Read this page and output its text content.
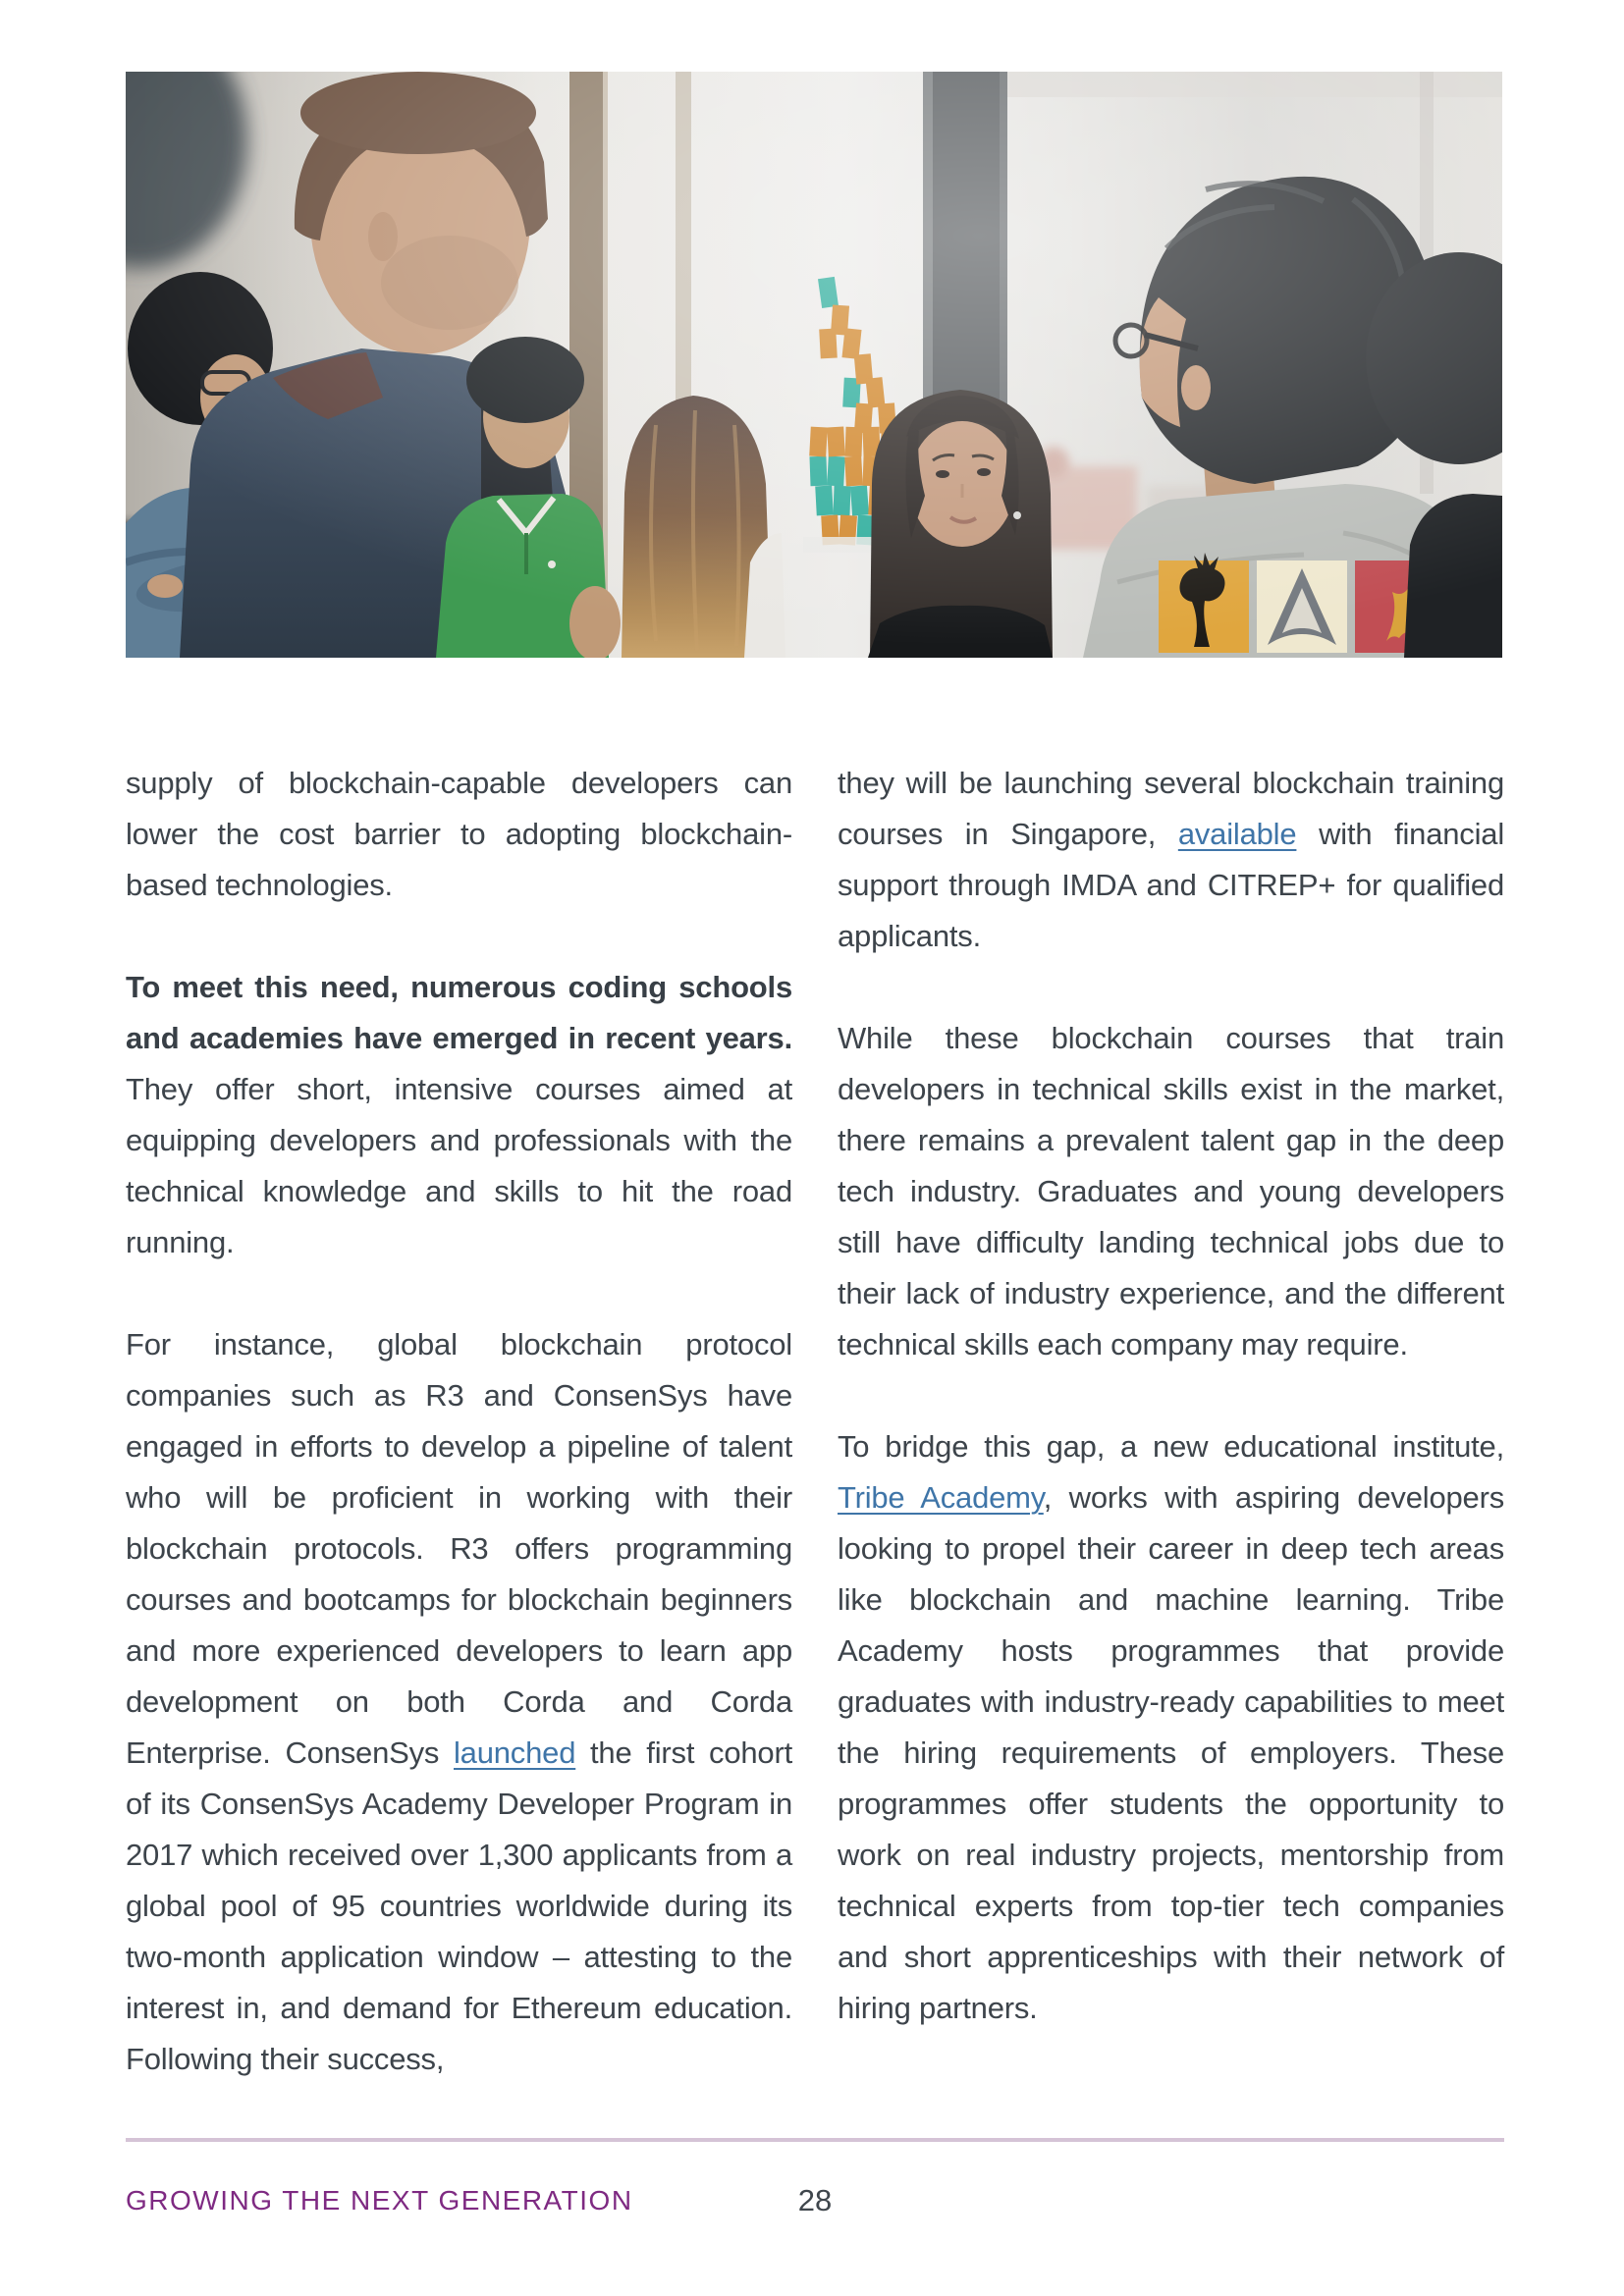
supply of blockchain-capable developers can lower the cost barrier to adopting blockchain-based technologies.

To meet this need, numerous coding schools and academies have emerged in recent years. They offer short, intensive courses aimed at equipping developers and professionals with the technical knowledge and skills to hit the road running.

For instance, global blockchain protocol companies such as R3 and ConsenSys have engaged in efforts to develop a pipeline of talent who will be proficient in working with their blockchain protocols. R3 offers programming courses and bootcamps for blockchain beginners and more experienced developers to learn app development on both Corda and Corda Enterprise. ConsenSys launched the first cohort of its ConsenSys Academy Developer Program in 2017 which received over 1,300 applicants from a global pool of 95 countries worldwide during its two-month application window – attesting to the interest in, and demand for Ethereum education. Following their success,

they will be launching several blockchain training courses in Singapore, available with financial support through IMDA and CITREP+ for qualified applicants.

While these blockchain courses that train developers in technical skills exist in the market, there remains a prevalent talent gap in the deep tech industry. Graduates and young developers still have difficulty landing technical jobs due to their lack of industry experience, and the different technical skills each company may require.

To bridge this gap, a new educational institute, Tribe Academy, works with aspiring developers looking to propel their career in deep tech areas like blockchain and machine learning. Tribe Academy hosts programmes that provide graduates with industry-ready capabilities to meet the hiring requirements of employers. These programmes offer students the opportunity to work on real industry projects, mentorship from technical experts from top-tier tech companies and short apprenticeships with their network of hiring partners.

GROWING THE NEXT GENERATION	28
